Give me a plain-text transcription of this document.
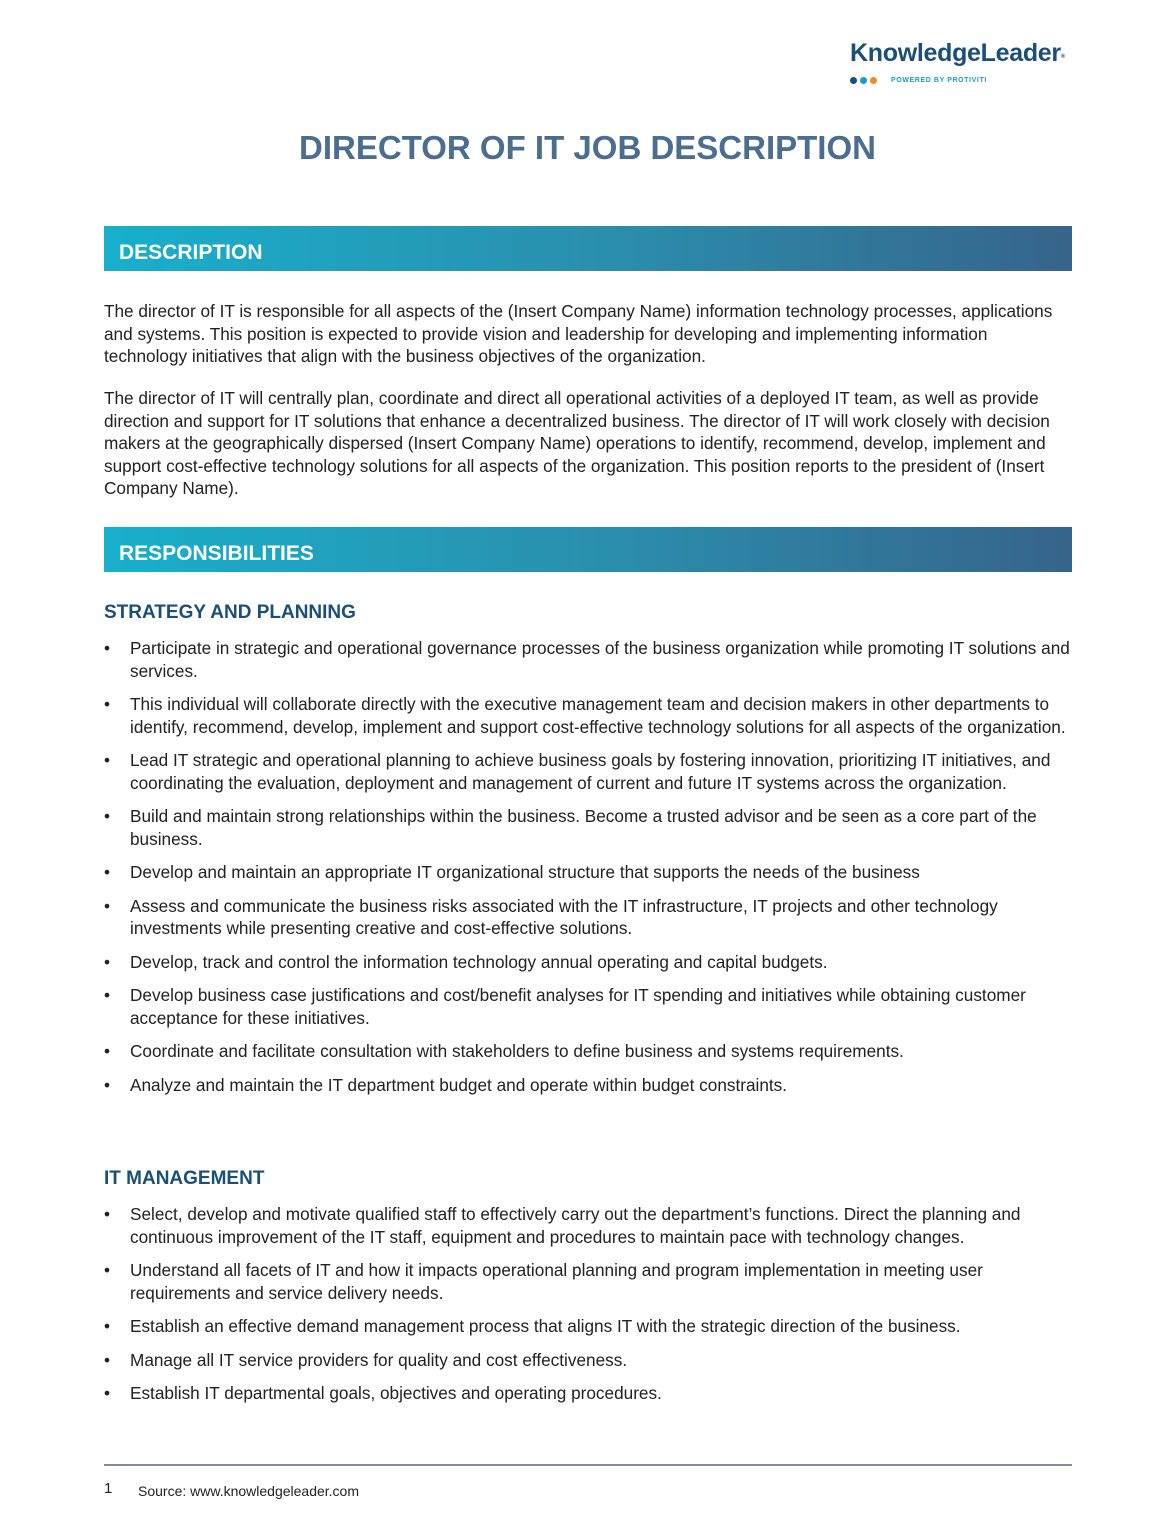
KnowledgeLeader®
POWERED BY PROTIVITI
DIRECTOR OF IT JOB DESCRIPTION
DESCRIPTION

The director of IT is responsible for all aspects of the (Insert Company Name) information technology processes, applications and systems. This position is expected to provide vision and leadership for developing and implementing information technology initiatives that align with the business objectives of the organization.

The director of IT will centrally plan, coordinate and direct all operational activities of a deployed IT team, as well as provide direction and support for IT solutions that enhance a decentralized business. The director of IT will work closely with decision makers at the geographically dispersed (Insert Company Name) operations to identify, recommend, develop, implement and support cost-effective technology solutions for all aspects of the organization. This position reports to the president of (Insert Company Name).

RESPONSIBILITIES
STRATEGY AND PLANNING
• Participate in strategic and operational governance processes of the business organization while promoting IT solutions and services.
• This individual will collaborate directly with the executive management team and decision makers in other departments to identify, recommend, develop, implement and support cost-effective technology solutions for all aspects of the organization.
• Lead IT strategic and operational planning to achieve business goals by fostering innovation, prioritizing IT initiatives, and coordinating the evaluation, deployment and management of current and future IT systems across the organization.
• Build and maintain strong relationships within the business. Become a trusted advisor and be seen as a core part of the business.
• Develop and maintain an appropriate IT organizational structure that supports the needs of the business
• Assess and communicate the business risks associated with the IT infrastructure, IT projects and other technology investments while presenting creative and cost-effective solutions.
• Develop, track and control the information technology annual operating and capital budgets.
• Develop business case justifications and cost/benefit analyses for IT spending and initiatives while obtaining customer acceptance for these initiatives.
• Coordinate and facilitate consultation with stakeholders to define business and systems requirements.
• Analyze and maintain the IT department budget and operate within budget constraints.
IT MANAGEMENT
• Select, develop and motivate qualified staff to effectively carry out the department’s functions. Direct the planning and continuous improvement of the IT staff, equipment and procedures to maintain pace with technology changes.
• Understand all facets of IT and how it impacts operational planning and program implementation in meeting user requirements and service delivery needs.
• Establish an effective demand management process that aligns IT with the strategic direction of the business.
• Manage all IT service providers for quality and cost effectiveness.
• Establish IT departmental goals, objectives and operating procedures.
1 Source: www.knowledgeleader.com
